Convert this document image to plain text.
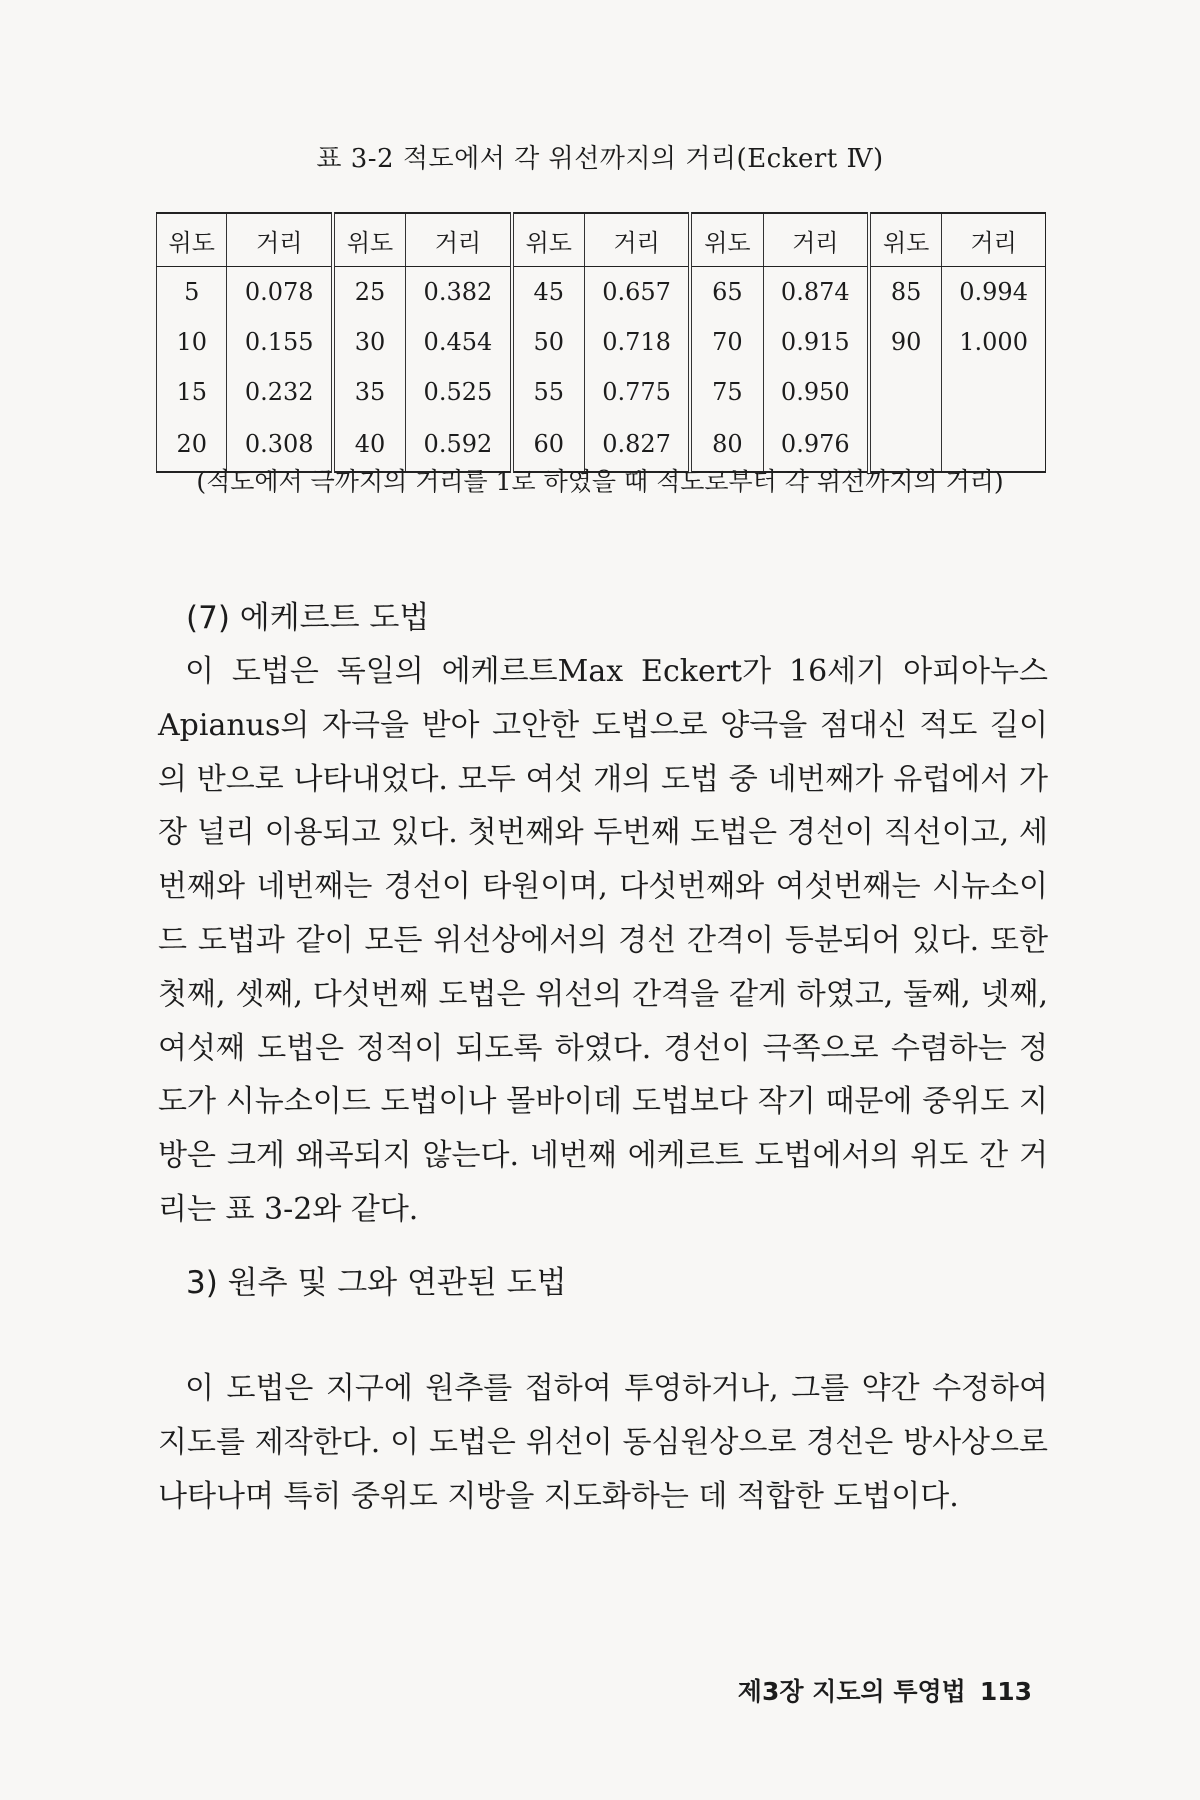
표 3-2 적도에서 각 위선까지의 거리(Eckert Ⅳ)
위도	거리	위도	거리	위도	거리	위도	거리	위도	거리
5	0.078	25	0.382	45	0.657	65	0.874	85	0.994
10	0.155	30	0.454	50	0.718	70	0.915	90	1.000
15	0.232	35	0.525	55	0.775	75	0.950		
20	0.308	40	0.592	60	0.827	80	0.976		
(적도에서 극까지의 거리를 1로 하였을 때 적도로부터 각 위선까지의 거리)
(7) 에케르트 도법

이 도법은 독일의 에케르트Max Eckert가 16세기 아피아누스Apianus의 자극을 받아 고안한 도법으로 양극을 점대신 적도 길이의 반으로 나타내었다. 모두 여섯 개의 도법 중 네번째가 유럽에서 가장 널리 이용되고 있다. 첫번째와 두번째 도법은 경선이 직선이고, 세번째와 네번째는 경선이 타원이며, 다섯번째와 여섯번째는 시뉴소이드 도법과 같이 모든 위선상에서의 경선 간격이 등분되어 있다. 또한 첫째, 셋째, 다섯번째 도법은 위선의 간격을 같게 하였고, 둘째, 넷째, 여섯째 도법은 정적이 되도록 하였다. 경선이 극쪽으로 수렴하는 정도가 시뉴소이드 도법이나 몰바이데 도법보다 작기 때문에 중위도 지방은 크게 왜곡되지 않는다. 네번째 에케르트 도법에서의 위도 간 거리는 표 3-2와 같다.

3) 원추 및 그와 연관된 도법

이 도법은 지구에 원추를 접하여 투영하거나, 그를 약간 수정하여 지도를 제작한다. 이 도법은 위선이 동심원상으로 경선은 방사상으로 나타나며 특히 중위도 지방을 지도화하는 데 적합한 도법이다.

제3장 지도의 투영법 113
